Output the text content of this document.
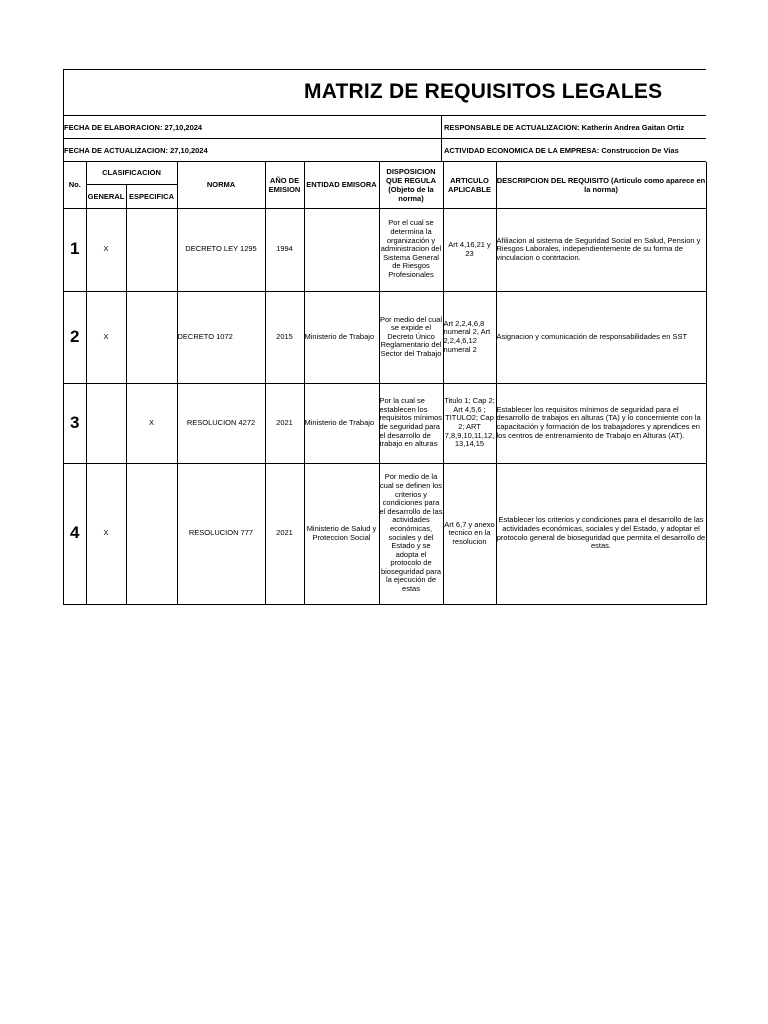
MATRIZ DE REQUISITOS LEGALES
FECHA DE ELABORACION: 27,10,2024	RESPONSABLE DE ACTUALIZACION: Katherin Andrea Gaitan Ortiz
FECHA DE ACTUALIZACION: 27,10,2024	ACTIVIDAD ECONOMICA DE LA EMPRESA: Construccion De Vias
No.	CLASIFICACION		NORMA	AÑO DE EMISION	ENTIDAD EMISORA	DISPOSICION QUE REGULA (Objeto de la norma)	ARTICULO APLICABLE	DESCRIPCION DEL REQUISITO (Articulo como aparece en la norma)
	GENERAL	ESPECIFICA						
1	X		DECRETO LEY 1295	1994		Por el cual se determina la organización y administracion del Sistema General de Riesgos Profesionales	Art 4,16,21 y 23	Afiliacion al sistema de Seguridad Social en Salud, Pension y Riesgos Laborales, independientemente de su forma de vinculacion o contrtacion.
2	X		DECRETO 1072	2015	Ministerio de Trabajo	Por medio del cual se expide el Decreto Único Reglamentario del Sector del Trabajo	Art 2,2,4,6,8 numeral 2, Art 2,2,4,6,12 numeral 2	Asignacion y comunicación de responsabilidades en SST
3		X	RESOLUCION 4272	2021	Ministerio de Trabajo	Por la cual se establecen los requisitos mínimos de seguridad para el desarrollo de trabajo en alturas	Titulo 1; Cap 2; Art 4,5,6 ; TITULO2; Cap 2; ART 7,8,9,10,11,12, 13,14,15	Establecer los requisitos mínimos de seguridad para el desarrollo de trabajos en alturas (TA) y lo concerniente con la capacitación y formación de los trabajadores y aprendices en los centros de entrenamiento de Trabajo en Alturas (AT).
4	X		RESOLUCION 777	2021	Ministerio de Salud y Proteccion Social	Por medio de la cual se definen los criterios y condiciones para el desarrollo de las actividades económicas, sociales y del Estado y se adopta el protocolo de bioseguridad para la ejecución de estas	Art 6,7 y anexo tecnico en la resolucion	Establecer los criterios y condiciones para el desarrollo de las actividades económicas, sociales y del Estado, y adoptar el protocolo general de bioseguridad que permita el desarrollo de estas.
